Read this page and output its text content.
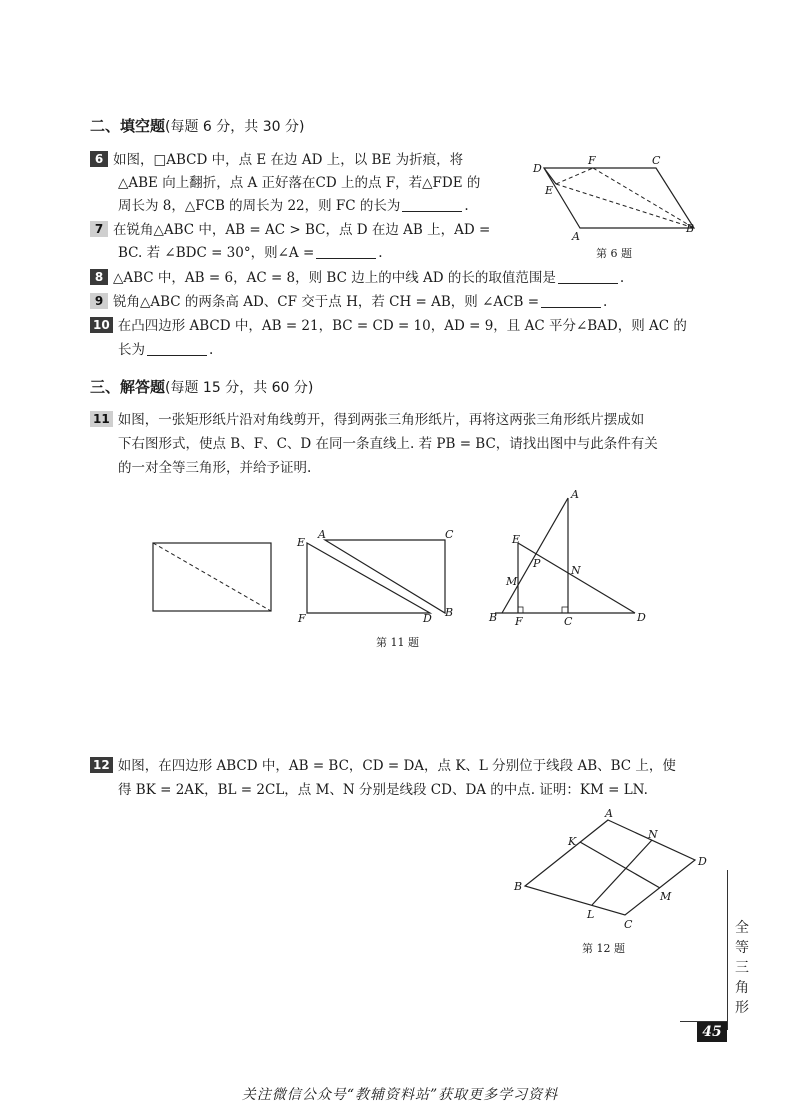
二、填空题(每题 6 分，共 30 分)
6 如图，□ABCD 中，点 E 在边 AD 上，以 BE 为折痕，将
△ABE 向上翻折，点 A 正好落在CD 上的点 F，若△FDE 的
周长为 8，△FCB 的周长为 22，则 FC 的长为	.
7 在锐角△ABC 中，AB = AC > BC，点 D 在边 AB 上，AD =
BC. 若 ∠BDC = 30°，则∠A =	.
D
F	C
E
A
B
第 6 题
8 △ABC 中，AB = 6，AC = 8，则 BC 边上的中线 AD 的长的取值范围是	.
9 锐角△ABC 的两条高 AD、CF 交于点 H，若 CH = AB，则 ∠ACB =	.
10 在凸四边形 ABCD 中，AB = 21，BC = CD = 10，AD = 9，且 AC 平分∠BAD，则 AC 的
长为	.
三、解答题(每题 15 分，共 60 分)
11 如图，一张矩形纸片沿对角线剪开，得到两张三角形纸片，再将这两张三角形纸片摆成如
下右图形式，使点 B、F、C、D 在同一条直线上. 若 PB = BC，请找出图中与此条件有关
的一对全等三角形，并给予证明.
E
A	C
F	D B
A
E
P
M
N
B F	C	D
第 11 题
12 如图，在四边形 ABCD 中，AB = BC，CD = DA，点 K、L 分别位于线段 AB、BC 上，使
得 BK = 2AK，BL = 2CL，点 M、N 分别是线段 CD、DA 的中点. 证明：KM = LN.
A
N
K
D
B
M
L
C
第 12 题
全
等
三
角
形
45
关注微信公众号“教辅资料站”获取更多学习资料
